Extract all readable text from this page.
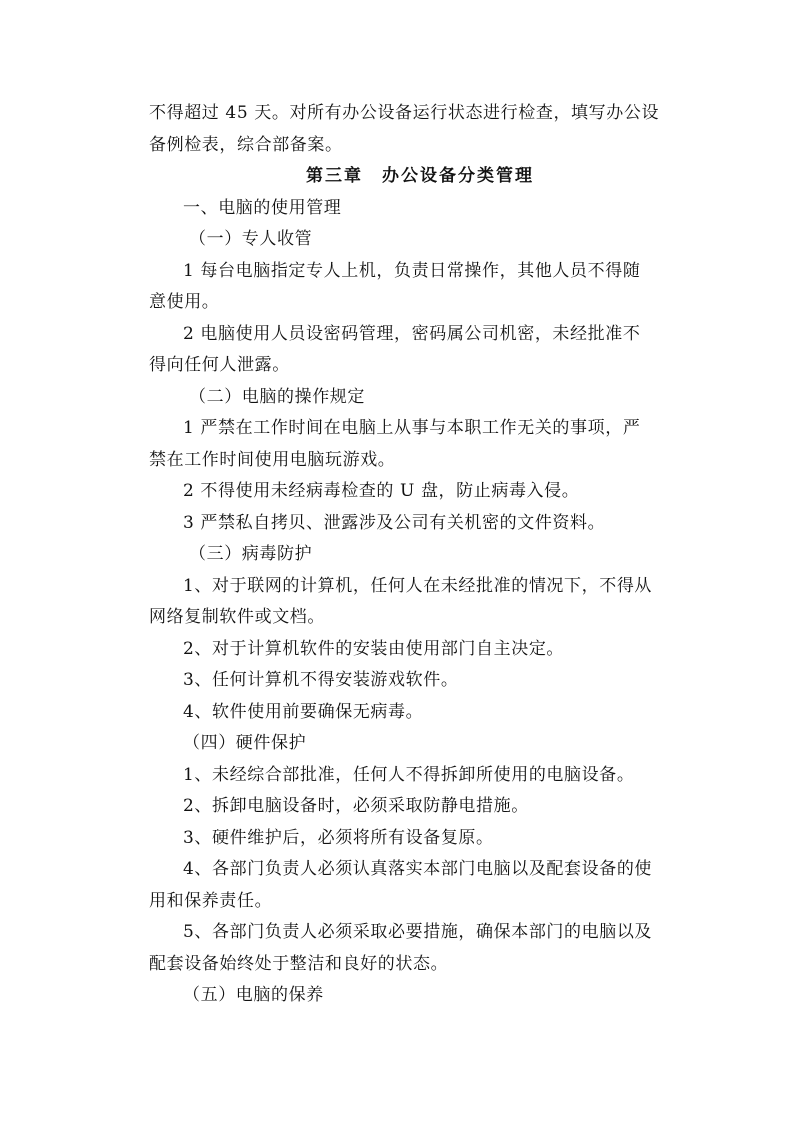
不得超过 45 天。对所有办公设备运行状态进行检查，填写办公设
备例检表，综合部备案。
第三章　办公设备分类管理
一、电脑的使用管理
（一）专人收管
1 每台电脑指定专人上机，负责日常操作，其他人员不得随
意使用。
2 电脑使用人员设密码管理，密码属公司机密，未经批准不
得向任何人泄露。
（二）电脑的操作规定
1 严禁在工作时间在电脑上从事与本职工作无关的事项，严
禁在工作时间使用电脑玩游戏。
2 不得使用未经病毒检查的 U 盘，防止病毒入侵。
3 严禁私自拷贝、泄露涉及公司有关机密的文件资料。
（三）病毒防护
1、对于联网的计算机，任何人在未经批准的情况下，不得从
网络复制软件或文档。
2、对于计算机软件的安装由使用部门自主决定。
3、任何计算机不得安装游戏软件。
4、软件使用前要确保无病毒。
（四）硬件保护
1、未经综合部批准，任何人不得拆卸所使用的电脑设备。
2、拆卸电脑设备时，必须采取防静电措施。
3、硬件维护后，必须将所有设备复原。
4、各部门负责人必须认真落实本部门电脑以及配套设备的使
用和保养责任。
5、各部门负责人必须采取必要措施，确保本部门的电脑以及
配套设备始终处于整洁和良好的状态。
（五）电脑的保养
